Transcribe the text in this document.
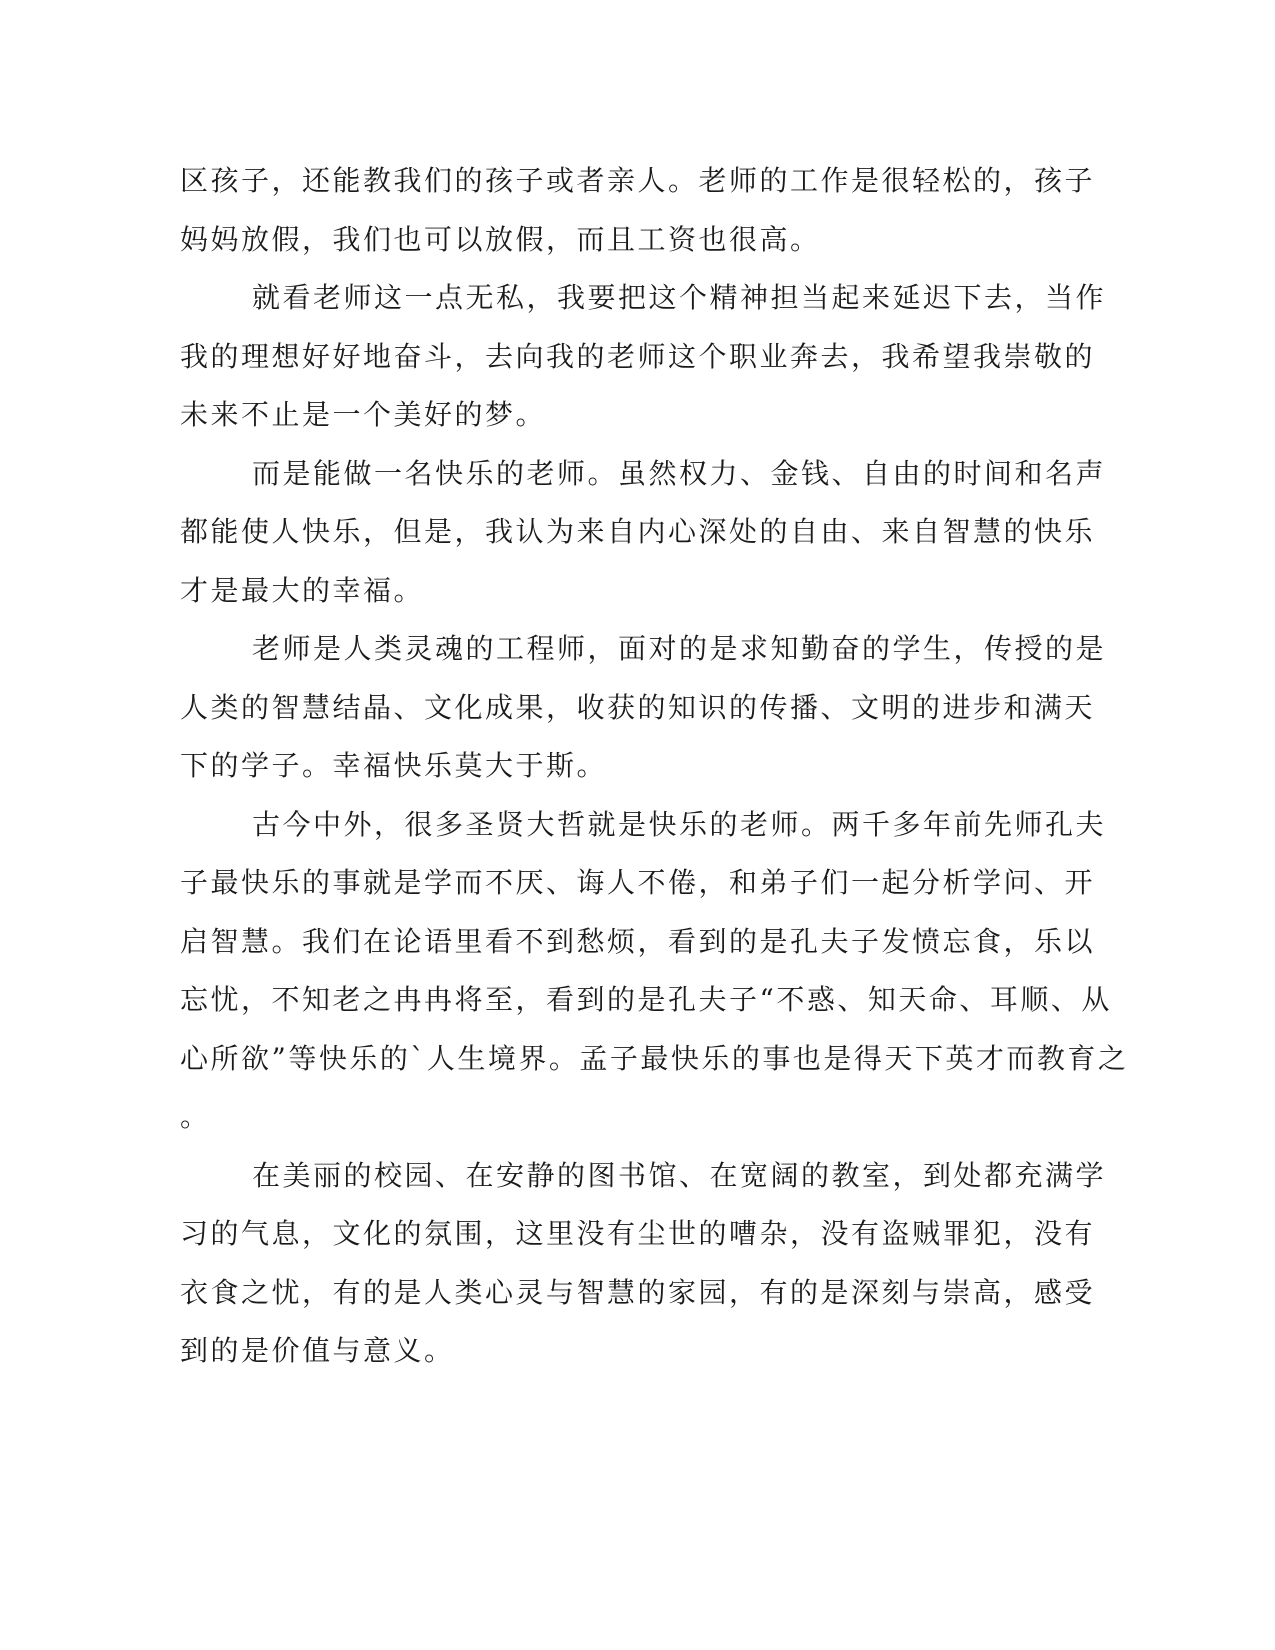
区孩子，还能教我们的孩子或者亲人。老师的工作是很轻松的，孩子
妈妈放假，我们也可以放假，而且工资也很高。
就看老师这一点无私，我要把这个精神担当起来延迟下去，当作
我的理想好好地奋斗，去向我的老师这个职业奔去，我希望我崇敬的
未来不止是一个美好的梦。
而是能做一名快乐的老师。虽然权力、金钱、自由的时间和名声
都能使人快乐，但是，我认为来自内心深处的自由、来自智慧的快乐
才是最大的幸福。
老师是人类灵魂的工程师，面对的是求知勤奋的学生，传授的是
人类的智慧结晶、文化成果，收获的知识的传播、文明的进步和满天
下的学子。幸福快乐莫大于斯。
古今中外，很多圣贤大哲就是快乐的老师。两千多年前先师孔夫
子最快乐的事就是学而不厌、诲人不倦，和弟子们一起分析学问、开
启智慧。我们在论语里看不到愁烦，看到的是孔夫子发愤忘食，乐以
忘忧，不知老之冉冉将至，看到的是孔夫子“不惑、知天命、耳顺、从
心所欲”等快乐的`人生境界。孟子最快乐的事也是得天下英才而教育之
。
在美丽的校园、在安静的图书馆、在宽阔的教室，到处都充满学
习的气息，文化的氛围，这里没有尘世的嘈杂，没有盗贼罪犯，没有
衣食之忧，有的是人类心灵与智慧的家园，有的是深刻与崇高，感受
到的是价值与意义。
